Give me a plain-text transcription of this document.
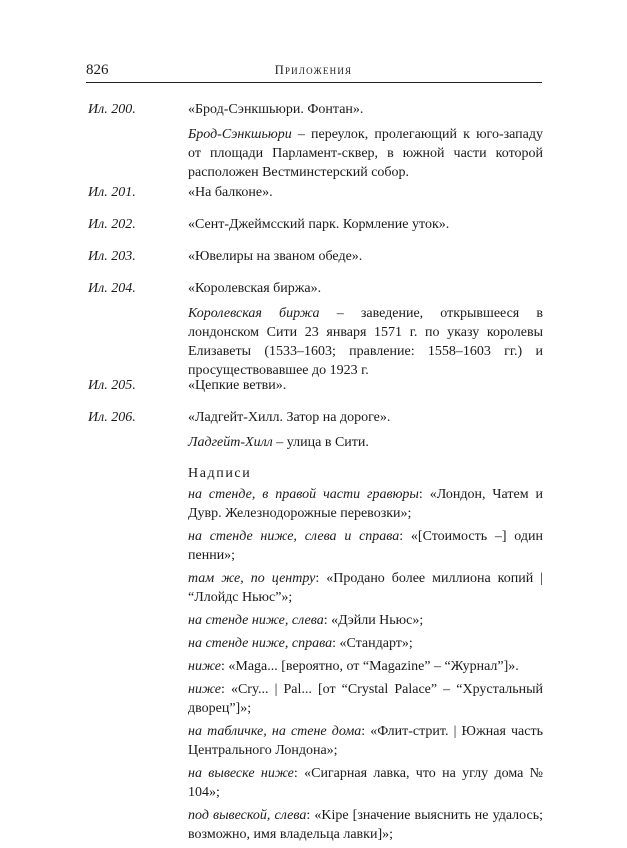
826	Приложения
Ил. 200.	«Брод-Сэнкшьюри. Фонтан».

Брод-Сэнкшьюри – переулок, пролегающий к юго-западу от площади Парламент-сквер, в южной части которой расположен Вестминстерский собор.

Ил. 201.	«На балконе».

Ил. 202.	«Сент-Джеймсский парк. Кормление уток».

Ил. 203.	«Ювелиры на званом обеде».

Ил. 204.	«Королевская биржа».

Королевская биржа – заведение, открывшееся в лондонском Сити 23 января 1571 г. по указу королевы Елизаветы (1533–1603; правление: 1558–1603 гг.) и просуществовавшее до 1923 г.

Ил. 205.	«Цепкие ветви».

Ил. 206.	«Ладгейт-Хилл. Затор на дороге».

Ладгейт-Хилл – улица в Сити.

Надписи

на стенде, в правой части гравюры: «Лондон, Чатем и Дувр. Железнодорожные перевозки»;

на стенде ниже, слева и справа: «[Стоимость –] один пенни»;

там же, по центру: «Продано более миллиона копий | “Ллойдс Ньюс”»;

на стенде ниже, слева: «Дэйли Ньюс»;

на стенде ниже, справа: «Стандарт»;

ниже: «Maga... [вероятно, от “Magazine” – “Журнал”]».

ниже: «Cry... | Pal... [от “Crystal Palace” – “Хрустальный дворец”]»;

на табличке, на стене дома: «Флит-стрит. | Южная часть Центрального Лондона»;

на вывеске ниже: «Сигарная лавка, что на углу дома № 104»;

под вывеской, слева: «Kipe [значение выяснить не удалось; возможно, имя владельца лавки]»;
